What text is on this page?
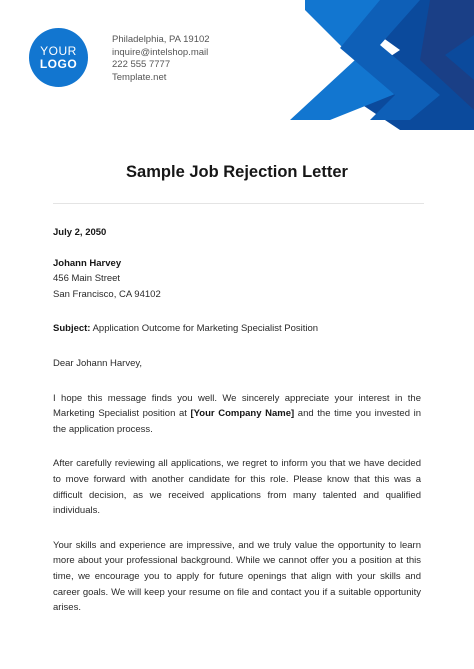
YOUR
LOGO
Philadelphia, PA 19102
inquire@intelshop.mail
222 555 7777
Template.net
Sample Job Rejection Letter

July 2, 2050

Johann Harvey
456 Main Street
San Francisco, CA 94102

Subject: Application Outcome for Marketing Specialist Position

Dear Johann Harvey,

I hope this message finds you well. We sincerely appreciate your interest in the Marketing Specialist position at [Your Company Name] and the time you invested in the application process.

After carefully reviewing all applications, we regret to inform you that we have decided to move forward with another candidate for this role. Please know that this was a difficult decision, as we received applications from many talented and qualified individuals.

Your skills and experience are impressive, and we truly value the opportunity to learn more about your professional background. While we cannot offer you a position at this time, we encourage you to apply for future openings that align with your skills and career goals. We will keep your resume on file and contact you if a suitable opportunity arises.
